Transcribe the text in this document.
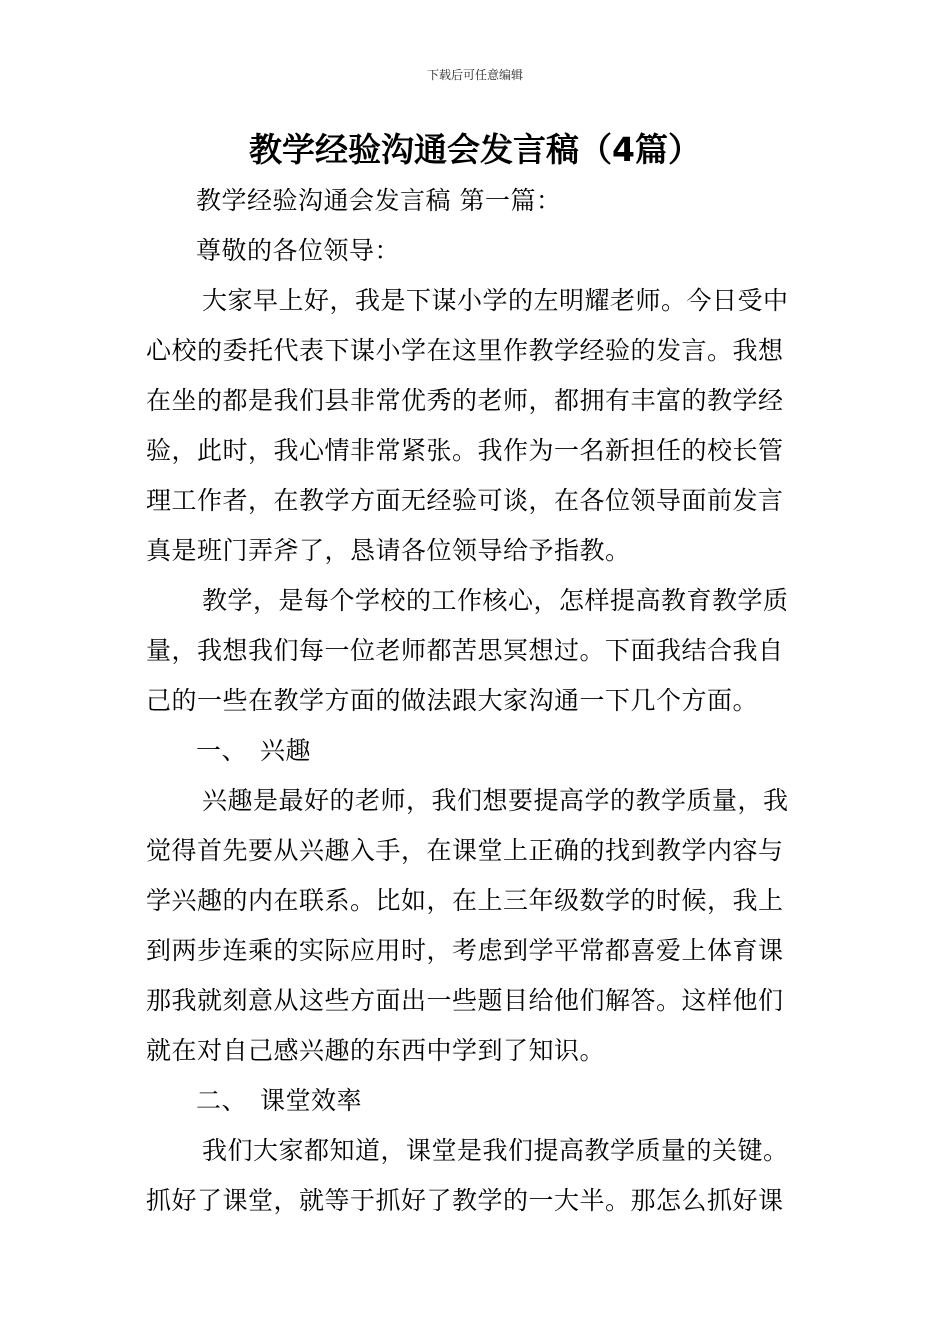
下载后可任意编辑
教学经验沟通会发言稿（4篇）

教学经验沟通会发言稿 第一篇：

尊敬的各位领导：

大家早上好，我是下谋小学的左明耀老师。今日受中

心校的委托代表下谋小学在这里作教学经验的发言。我想

在坐的都是我们县非常优秀的老师，都拥有丰富的教学经

验，此时，我心情非常紧张。我作为一名新担任的校长管

理工作者，在教学方面无经验可谈，在各位领导面前发言

真是班门弄斧了，恳请各位领导给予指教。

教学，是每个学校的工作核心，怎样提高教育教学质

量，我想我们每一位老师都苦思冥想过。下面我结合我自

己的一些在教学方面的做法跟大家沟通一下几个方面。

一、 兴趣

兴趣是最好的老师，我们想要提高学的教学质量，我

觉得首先要从兴趣入手，在课堂上正确的找到教学内容与

学兴趣的内在联系。比如，在上三年级数学的时候，我上

到两步连乘的实际应用时，考虑到学平常都喜爱上体育课

那我就刻意从这些方面出一些题目给他们解答。这样他们

就在对自己感兴趣的东西中学到了知识。

二、 课堂效率

我们大家都知道，课堂是我们提高教学质量的关键。

抓好了课堂，就等于抓好了教学的一大半。那怎么抓好课
